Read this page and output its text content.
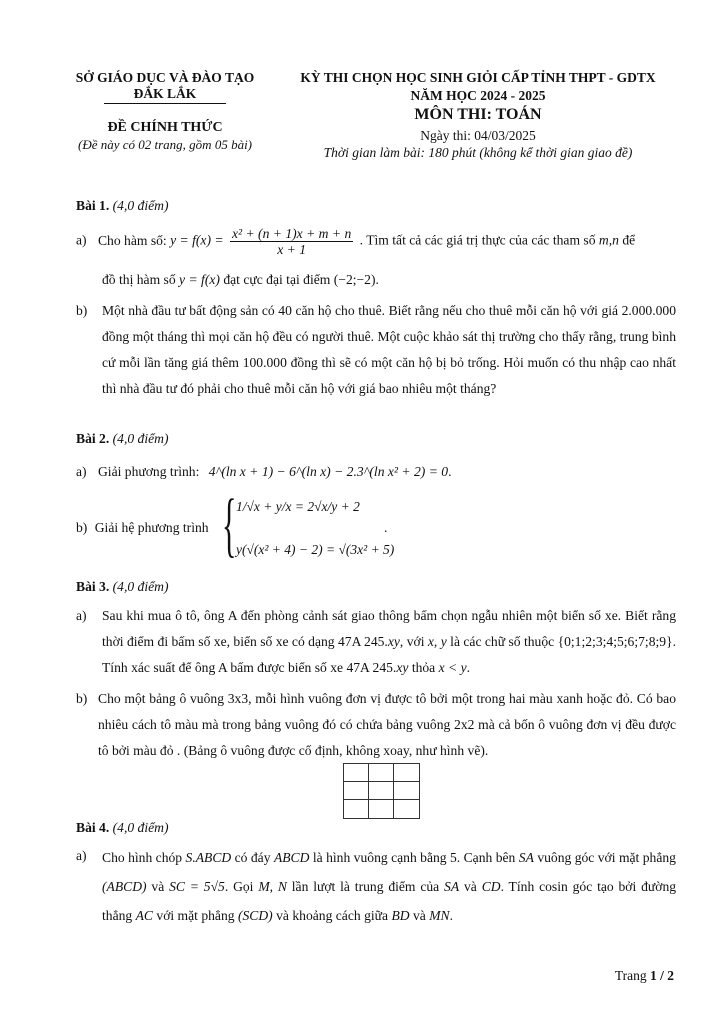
SỞ GIÁO DỤC VÀ ĐÀO TẠO
ĐẮK LẮK
ĐỀ CHÍNH THỨC
(Đề này có 02 trang, gồm 05 bài)
KỲ THI CHỌN HỌC SINH GIỎI CẤP TỈNH THPT - GDTX
NĂM HỌC 2024 - 2025
MÔN THI: TOÁN
Ngày thi: 04/03/2025
Thời gian làm bài: 180 phút (không kể thời gian giao đề)
Bài 1. (4,0 điểm)
a) Cho hàm số: $y = f(x) = \frac{\text{x² + (n + 1)x + m + n}}{x + 1}$ . Tìm tất cả các giá trị thực của các tham số m,n để
đồ thị hàm số y = f(x) đạt cực đại tại điểm (−2;−2).
b) Một nhà đầu tư bất động sản có 40 căn hộ cho thuê. Biết rằng nếu cho thuê mỗi căn hộ với giá 2.000.000 đồng một tháng thì mọi căn hộ đều có người thuê. Một cuộc khảo sát thị trường cho thấy rằng, trung bình cứ mỗi lần tăng giá thêm 100.000 đồng thì sẽ có một căn hộ bị bỏ trống. Hỏi muốn có thu nhập cao nhất thì nhà đầu tư đó phải cho thuê mỗi căn hộ với giá bao nhiêu một tháng?
Bài 2. (4,0 điểm)
a) Giải phương trình: 4^(ln x + 1) − 6^(ln x) − 2.3^(ln x² + 2) = 0.
b) Giải hệ phương trình { 1/√x + y/x = 2√x/y + 2
y(√(x² + 4) − 2) = √(3x² + 5)
.
Bài 3. (4,0 điểm)
a) Sau khi mua ô tô, ông A đến phòng cảnh sát giao thông bấm chọn ngẫu nhiên một biển số xe. Biết rằng thời điểm đi bấm số xe, biển số xe có dạng 47A 245.xy, với x, y là các chữ số thuộc {0;1;2;3;4;5;6;7;8;9}. Tính xác suất để ông A bấm được biển số xe 47A 245.xy thỏa x < y.
b) Cho một bảng ô vuông 3x3, mỗi hình vuông đơn vị được tô bởi một trong hai màu xanh hoặc đỏ. Có bao nhiêu cách tô màu mà trong bảng vuông đó có chứa bảng vuông 2x2 mà cả bốn ô vuông đơn vị đều được tô bởi màu đỏ . (Bảng ô vuông được cố định, không xoay, như hình vẽ).
Bài 4. (4,0 điểm)
a) Cho hình chóp S.ABCD có đáy ABCD là hình vuông cạnh bằng 5. Cạnh bên SA vuông góc với mặt phẳng (ABCD) và SC = 5√5. Gọi M, N lần lượt là trung điểm của SA và CD. Tính cosin góc tạo bởi đường thẳng AC với mặt phẳng (SCD) và khoảng cách giữa BD và MN.
Trang 1 / 2
